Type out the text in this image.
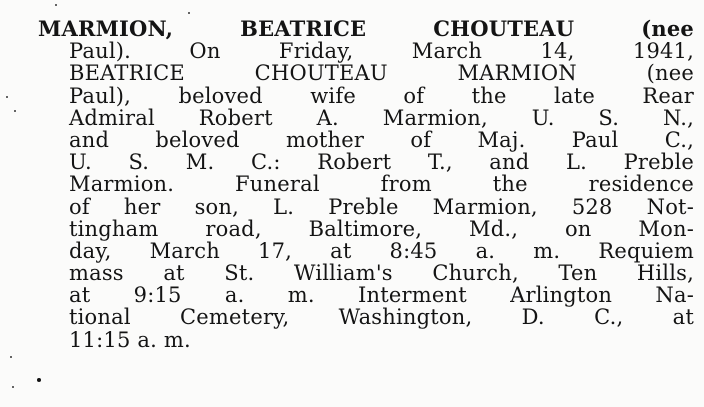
MARMION, BEATRICE CHOUTEAU (nee
Paul). On Friday, March 14, 1941,
BEATRICE CHOUTEAU MARMION (nee
Paul), beloved wife of the late Rear
Admiral Robert A. Marmion, U. S. N.,
and beloved mother of Maj. Paul C.,
U. S. M. C.: Robert T., and L. Preble
Marmion. Funeral from the residence
of her son, L. Preble Marmion, 528 Not-
tingham road, Baltimore, Md., on Mon-
day, March 17, at 8:45 a. m. Requiem
mass at St. William's Church, Ten Hills,
at 9:15 a. m. Interment Arlington Na-
tional Cemetery, Washington, D. C., at
11:15 a. m.
